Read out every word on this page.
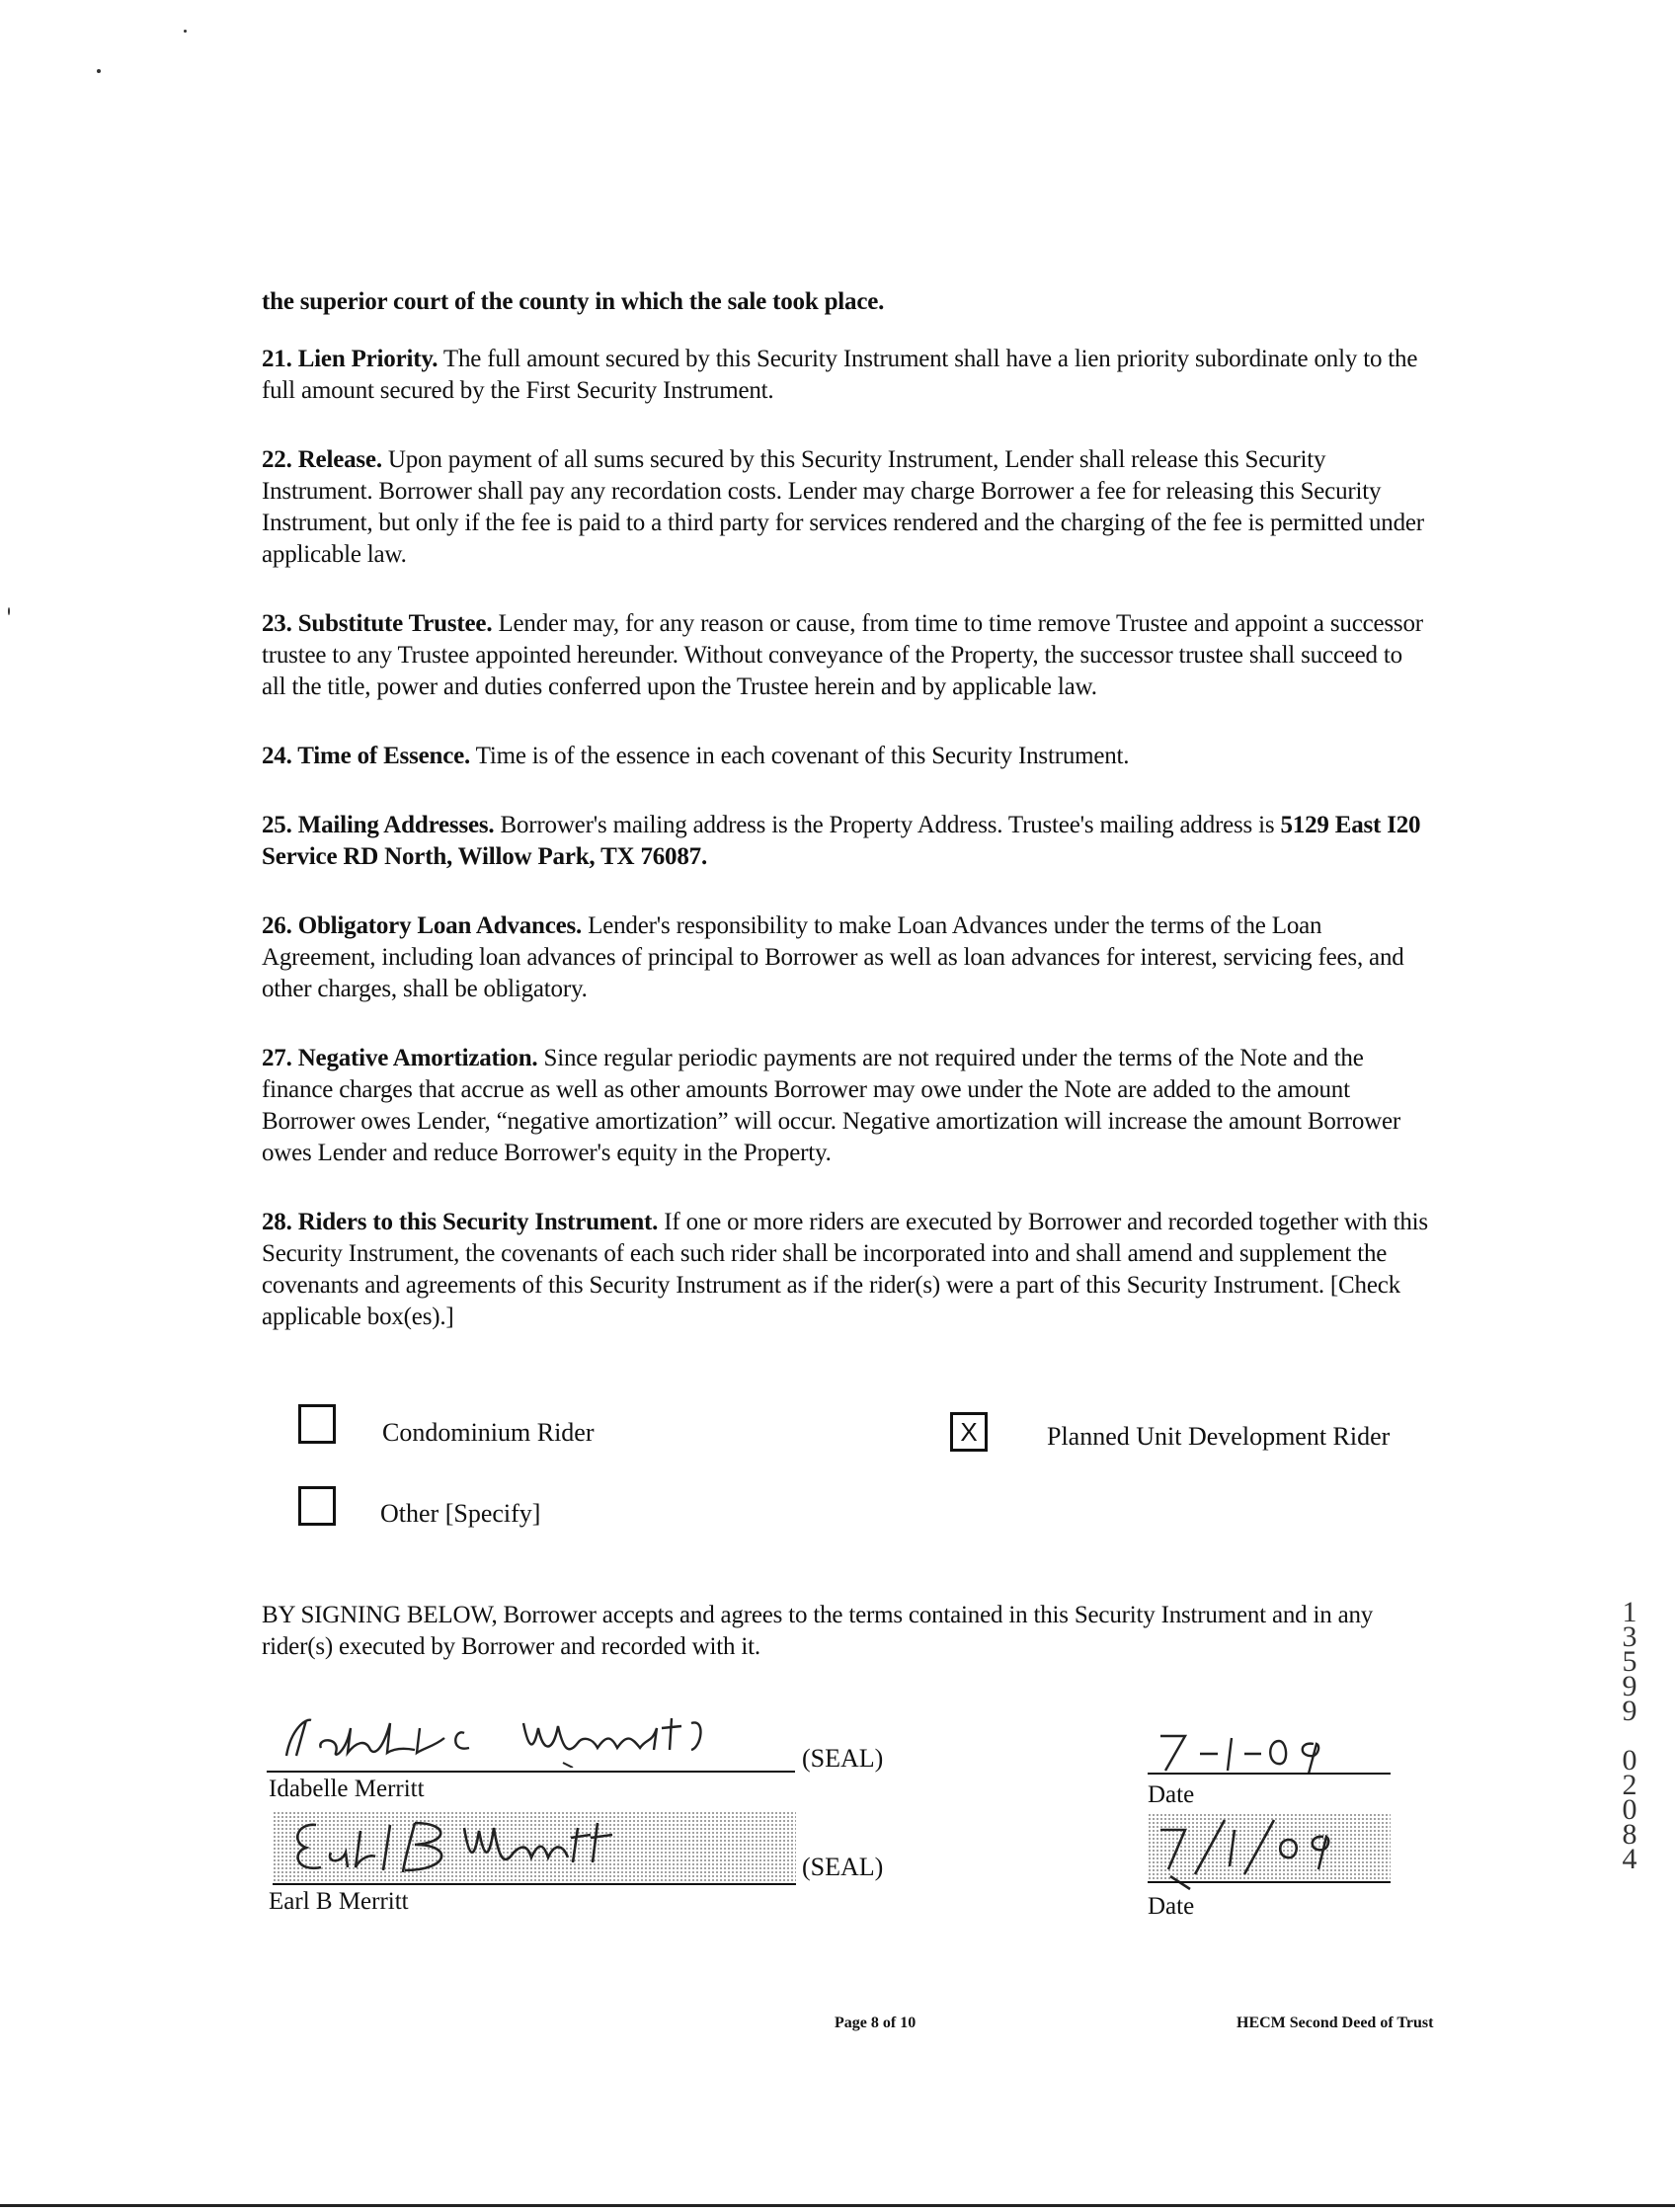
the superior court of the county in which the sale took place.

21. Lien Priority. The full amount secured by this Security Instrument shall have a lien priority subordinate only to the full amount secured by the First Security Instrument.

22. Release. Upon payment of all sums secured by this Security Instrument, Lender shall release this Security Instrument. Borrower shall pay any recordation costs. Lender may charge Borrower a fee for releasing this Security Instrument, but only if the fee is paid to a third party for services rendered and the charging of the fee is permitted under applicable law.

23. Substitute Trustee. Lender may, for any reason or cause, from time to time remove Trustee and appoint a successor trustee to any Trustee appointed hereunder. Without conveyance of the Property, the successor trustee shall succeed to all the title, power and duties conferred upon the Trustee herein and by applicable law.

24. Time of Essence. Time is of the essence in each covenant of this Security Instrument.

25. Mailing Addresses. Borrower's mailing address is the Property Address. Trustee's mailing address is 5129 East I20 Service RD North, Willow Park, TX 76087.

26. Obligatory Loan Advances. Lender's responsibility to make Loan Advances under the terms of the Loan Agreement, including loan advances of principal to Borrower as well as loan advances for interest, servicing fees, and other charges, shall be obligatory.

27. Negative Amortization. Since regular periodic payments are not required under the terms of the Note and the finance charges that accrue as well as other amounts Borrower may owe under the Note are added to the amount Borrower owes Lender, “negative amortization” will occur. Negative amortization will increase the amount Borrower owes Lender and reduce Borrower's equity in the Property.

28. Riders to this Security Instrument. If one or more riders are executed by Borrower and recorded together with this Security Instrument, the covenants of each such rider shall be incorporated into and shall amend and supplement the covenants and agreements of this Security Instrument as if the rider(s) were a part of this Security Instrument. [Check applicable box(es).]

Condominium Rider	X	Planned Unit Development Rider
Other [Specify]
BY SIGNING BELOW, Borrower accepts and agrees to the terms contained in this Security Instrument and in any rider(s) executed by Borrower and recorded with it.
(SEAL)
Idabelle Merritt	Date
(SEAL)
Earl B Merritt	Date
Page 8 of 10	HECM Second Deed of Trust
1
3
5
9
9

0
2
0
8
4
